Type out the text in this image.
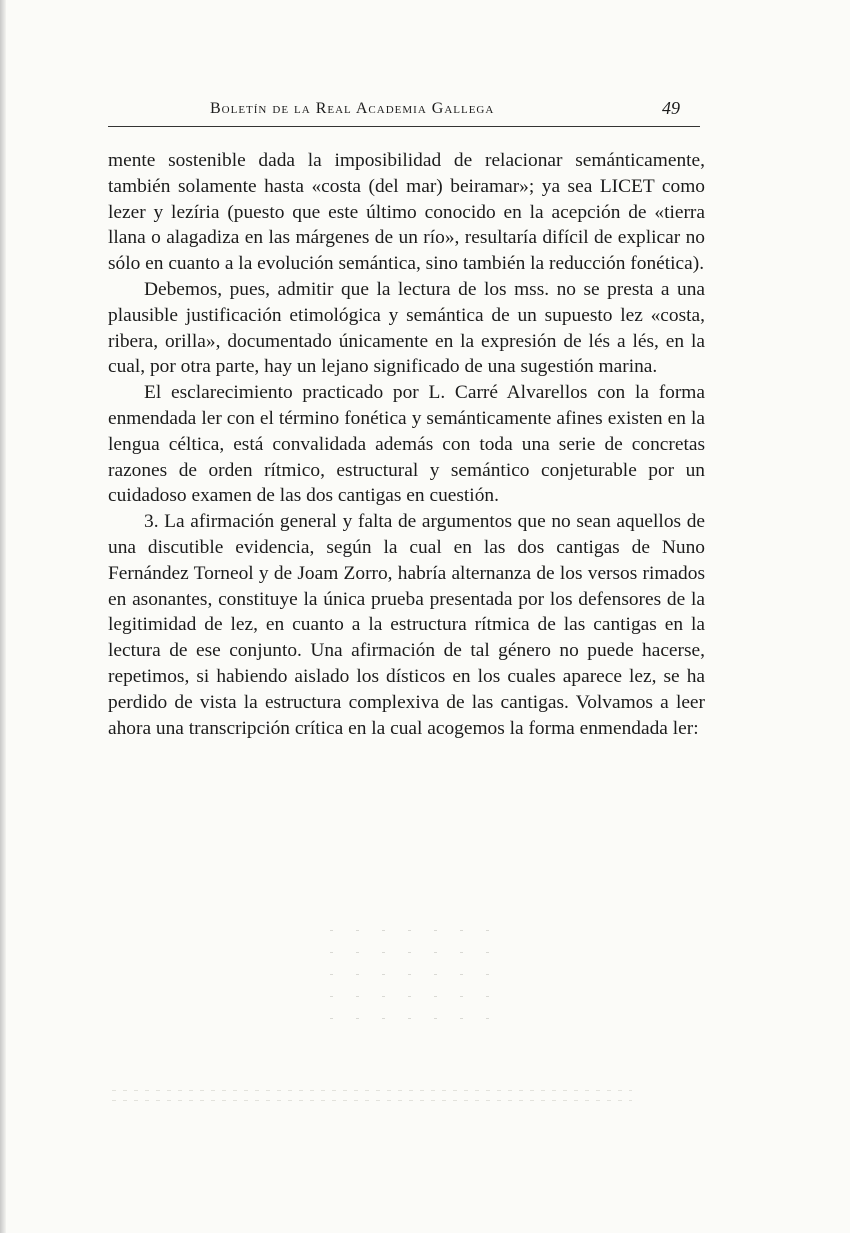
Boletín de la Real Academia Gallega	49

mente sostenible dada la imposibilidad de relacionar semánticamente, también solamente hasta «costa (del mar) beiramar»; ya sea LICET como lezer y lezíria (puesto que este último conocido en la acepción de «tierra llana o alagadiza en las márgenes de un río», resultaría difícil de explicar no sólo en cuanto a la evolución semántica, sino también la reducción fonética).

Debemos, pues, admitir que la lectura de los mss. no se presta a una plausible justificación etimológica y semántica de un supuesto lez «costa, ribera, orilla», documentado únicamente en la expresión de lés a lés, en la cual, por otra parte, hay un lejano significado de una sugestión marina.

El esclarecimiento practicado por L. Carré Alvarellos con la forma enmendada ler con el término fonética y semánticamente afines existen en la lengua céltica, está convalidada además con toda una serie de concretas razones de orden rítmico, estructural y semántico conjeturable por un cuidadoso examen de las dos cantigas en cuestión.

3. La afirmación general y falta de argumentos que no sean aquellos de una discutible evidencia, según la cual en las dos cantigas de Nuno Fernández Torneol y de Joam Zorro, habría alternanza de los versos rimados en asonantes, constituye la única prueba presentada por los defensores de la legitimidad de lez, en cuanto a la estructura rítmica de las cantigas en la lectura de ese conjunto. Una afirmación de tal género no puede hacerse, repetimos, si habiendo aislado los dísticos en los cuales aparece lez, se ha perdido de vista la estructura complexiva de las cantigas. Volvamos a leer ahora una transcripción crítica en la cual acogemos la forma enmendada ler:
